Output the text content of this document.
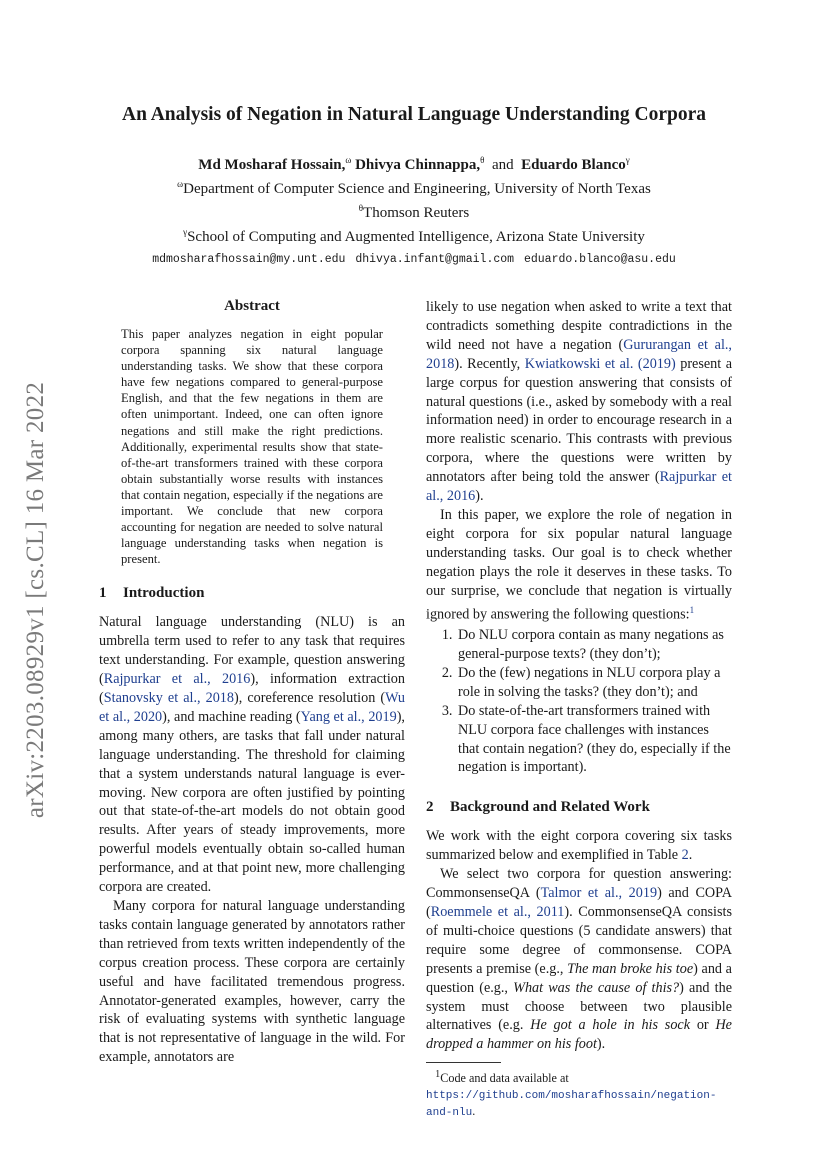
arXiv:2203.08929v1 [cs.CL] 16 Mar 2022
An Analysis of Negation in Natural Language Understanding Corpora
Md Mosharaf Hossain,$^\omega$ Dhivya Chinnappa,$^\theta$ and Eduardo Blanco$^\gamma$
$^\omega$Department of Computer Science and Engineering, University of North Texas
$^\theta$Thomson Reuters
$^\gamma$School of Computing and Augmented Intelligence, Arizona State University
mdmosharafhossain@my.unt.edu dhivya.infant@gmail.com eduardo.blanco@asu.edu
Abstract

This paper analyzes negation in eight popular corpora spanning six natural language understanding tasks. We show that these corpora have few negations compared to general-purpose English, and that the few negations in them are often unimportant. Indeed, one can often ignore negations and still make the right predictions. Additionally, experimental results show that state-of-the-art transformers trained with these corpora obtain substantially worse results with instances that contain negation, especially if the negations are important. We conclude that new corpora accounting for negation are needed to solve natural language understanding tasks when negation is present.

1 Introduction

Natural language understanding (NLU) is an umbrella term used to refer to any task that requires text understanding. For example, question answering (Rajpurkar et al., 2016), information extraction (Stanovsky et al., 2018), coreference resolution (Wu et al., 2020), and machine reading (Yang et al., 2019), among many others, are tasks that fall under natural language understanding. The threshold for claiming that a system understands natural language is ever-moving. New corpora are often justified by pointing out that state-of-the-art models do not obtain good results. After years of steady improvements, more powerful models eventually obtain so-called human performance, and at that point new, more challenging corpora are created.

Many corpora for natural language understanding tasks contain language generated by annotators rather than retrieved from texts written independently of the corpus creation process. These corpora are certainly useful and have facilitated tremendous progress. Annotator-generated examples, however, carry the risk of evaluating systems with synthetic language that is not representative of language in the wild. For example, annotators are

likely to use negation when asked to write a text that contradicts something despite contradictions in the wild need not have a negation (Gururangan et al., 2018). Recently, Kwiatkowski et al. (2019) present a large corpus for question answering that consists of natural questions (i.e., asked by somebody with a real information need) in order to encourage research in a more realistic scenario. This contrasts with previous corpora, where the questions were written by annotators after being told the answer (Rajpurkar et al., 2016).

In this paper, we explore the role of negation in eight corpora for six popular natural language understanding tasks. Our goal is to check whether negation plays the role it deserves in these tasks. To our surprise, we conclude that negation is virtually ignored by answering the following questions:$^1$

1. Do NLU corpora contain as many negations as general-purpose texts? (they don’t);
2. Do the (few) negations in NLU corpora play a role in solving the tasks? (they don’t); and
3. Do state-of-the-art transformers trained with NLU corpora face challenges with instances that contain negation? (they do, especially if the negation is important).
2 Background and Related Work

We work with the eight corpora covering six tasks summarized below and exemplified in Table 2.

We select two corpora for question answering: CommonsenseQA (Talmor et al., 2019) and COPA (Roemmele et al., 2011). CommonsenseQA consists of multi-choice questions (5 candidate answers) that require some degree of commonsense. COPA presents a premise (e.g., The man broke his toe) and a question (e.g., What was the cause of this?) and the system must choose between two plausible alternatives (e.g. He got a hole in his sock or He dropped a hammer on his foot).

$^1$Code and data available at https://github.com/mosharafhossain/negation-and-nlu.
